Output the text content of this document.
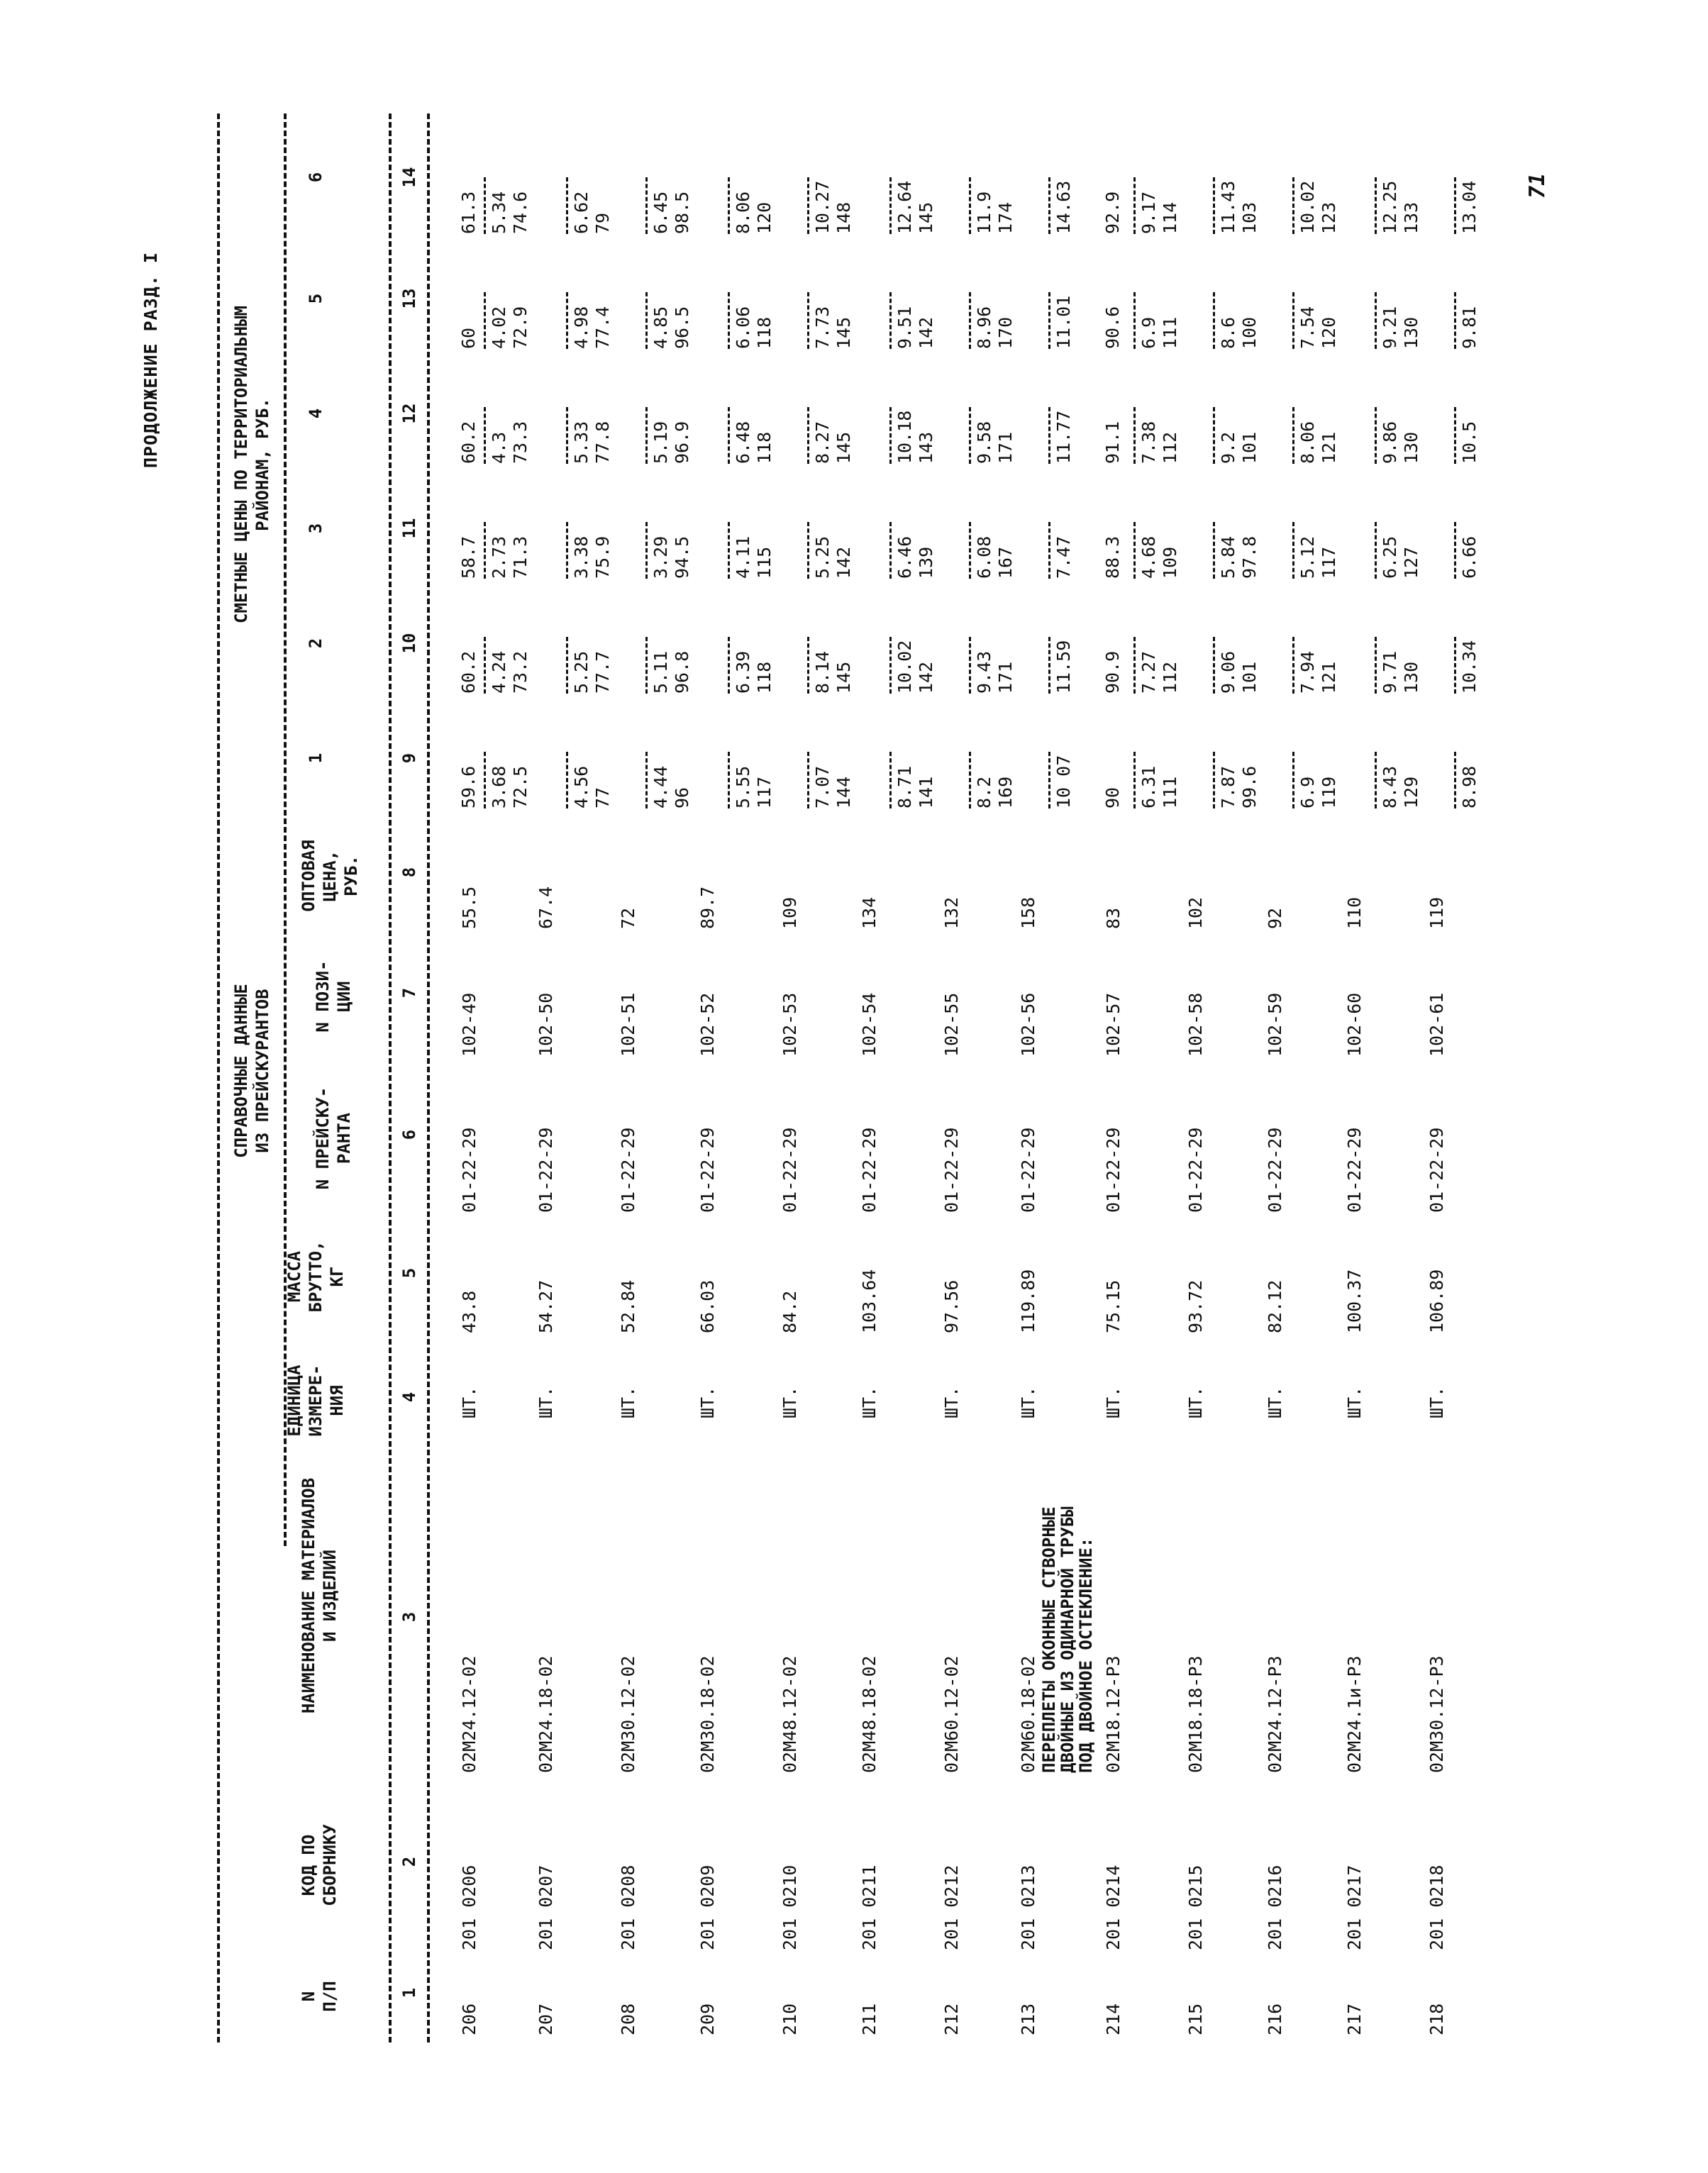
ПРОДОЛЖЕНИЕ РАЗД. I
N
П/П
КОД ПО
СБОРНИКУ
НАИМЕНОВАНИЕ МАТЕРИАЛОВ
И ИЗДЕЛИЙ
ЕДИНИЦА
ИЗМЕРЕ-
НИЯ
МАССА
БРУТТО,
КГ
СПРАВОЧНЫЕ ДАННЫЕ
ИЗ ПРЕЙСКУРАНТОВ
N ПРЕЙСКУ-
РАНТА
N ПОЗИ-
ЦИИ
ОПТОВАЯ
ЦЕНА,
РУБ.
СМЕТНЫЕ ЦЕНЫ ПО ТЕРРИТОРИАЛЬНЫМ
РАЙОНАМ, РУБ.
1
2
3
4
5
6
1
2
3
4
5
6
7
8
9
10
11
12
13
14
206
201 0206
02M24.12-02
ШТ.
43.8
01-22-29
102-49
55.5
59.6
60.2
58.7
60.2
60
61.3
3.68 72.5
4.24 73.2
2.73 71.3
4.3 73.3
4.02 72.9
5.34 74.6
207
201 0207
02M24.18-02
ШТ.
54.27
01-22-29
102-50
67.4
4.56 77
5.25 77.7
3.38 75.9
5.33 77.8
4.98 77.4
6.62 79
208
201 0208
02M30.12-02
ШТ.
52.84
01-22-29
102-51
72
4.44 96
5.11 96.8
3.29 94.5
5.19 96.9
4.85 96.5
6.45 98.5
209
201 0209
02M30.18-02
ШТ.
66.03
01-22-29
102-52
89.7
5.55 117
6.39 118
4.11 115
6.48 118
6.06 118
8.06 120
210
201 0210
02M48.12-02
ШТ.
84.2
01-22-29
102-53
109
7.07 144
8.14 145
5.25 142
8.27 145
7.73 145
10.27 148
211
201 0211
02M48.18-02
ШТ.
103.64
01-22-29
102-54
134
8.71 141
10.02 142
6.46 139
10.18 143
9.51 142
12.64 145
212
201 0212
02M60.12-02
ШТ.
97.56
01-22-29
102-55
132
8.2 169
9.43 171
6.08 167
9.58 171
8.96 170
11.9 174
213
201 0213
02M60.18-02
ШТ.
119.89
01-22-29
102-56
158
10 07
11.59
7.47
11.77
11.01
14.63
214
201 0214
02M18.12-P3
ШТ.
75.15
01-22-29
102-57
83
90
90.9
88.3
91.1
90.6
92.9
6.31 111
7.27 112
4.68 109
7.38 112
6.9 111
9.17 114
215
201 0215
02M18.18-P3
ШТ.
93.72
01-22-29
102-58
102
7.87 99.6
9.06 101
5.84 97.8
9.2 101
8.6 100
11.43 103
216
201 0216
02M24.12-P3
ШТ.
82.12
01-22-29
102-59
92
6.9 119
7.94 121
5.12 117
8.06 121
7.54 120
10.02 123
217
201 0217
02M24.1и-P3
ШТ.
100.37
01-22-29
102-60
110
8.43 129
9.71 130
6.25 127
9.86 130
9.21 130
12.25 133
218
201 0218
02M30.12-P3
ШТ.
106.89
01-22-29
102-61
119
8.98
10.34
6.66
10.5
9.81
13.04
ПЕРЕПЛЕТЫ ОКОННЫЕ СТВОРНЫЕ
ДВОЙНЫЕ ИЗ ОДИНАРНОЙ ТРУБЫ
ПОД ДВОЙНОЕ ОСТЕКЛЕНИЕ:
71
